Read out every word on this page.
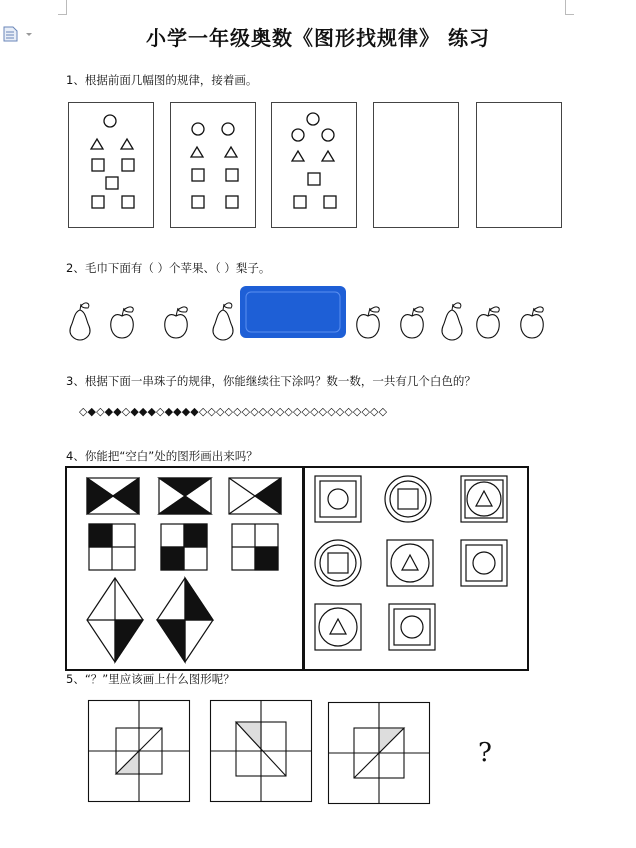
小学一年级奥数《图形找规律》 练习
1、根据前面几幅图的规律，接着画。
2、毛巾下面有（ ）个苹果、（ ）梨子。
3、根据下面一串珠子的规律，你能继续往下涂吗？数一数，一共有几个白色的？
◇◆◇◆◆◇◆◆◆◇◆◆◆◆◇◇◇◇◇◇◇◇◇◇◇◇◇◇◇◇◇◇◇◇◇◇
4、你能把“空白”处的图形画出来吗？
5、“？”里应该画上什么图形呢？
?
